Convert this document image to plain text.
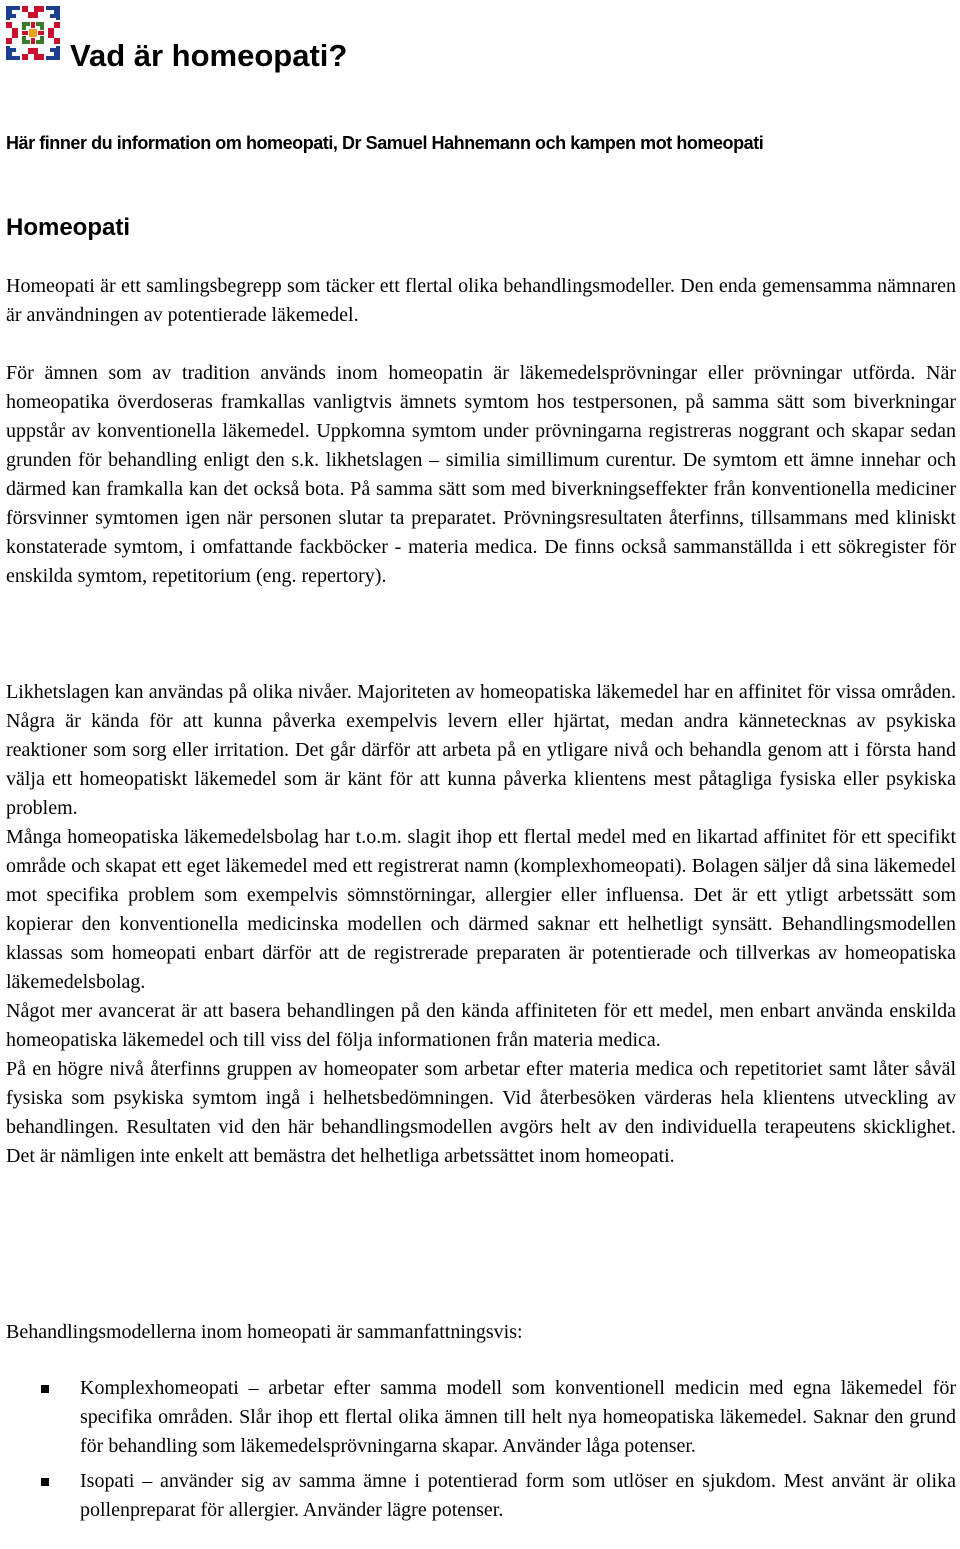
Vad är homeopati?

Här finner du information om homeopati, Dr Samuel Hahnemann och kampen mot homeopati

Homeopati

Homeopati är ett samlingsbegrepp som täcker ett flertal olika behandlingsmodeller. Den enda gemensamma nämnaren är användningen av potentierade läkemedel.

För ämnen som av tradition används inom homeopatin är läkemedelsprövningar eller prövningar utförda. När homeopatika överdoseras framkallas vanligtvis ämnets symtom hos testpersonen, på samma sätt som biverkningar uppstår av konventionella läkemedel. Uppkomna symtom under prövningarna registreras noggrant och skapar sedan grunden för behandling enligt den s.k. likhetslagen – similia simillimum curentur. De symtom ett ämne innehar och därmed kan framkalla kan det också bota. På samma sätt som med biverkningseffekter från konventionella mediciner försvinner symtomen igen när personen slutar ta preparatet. Prövningsresultaten återfinns, tillsammans med kliniskt konstaterade symtom, i omfattande fackböcker - materia medica. De finns också sammanställda i ett sökregister för enskilda symtom, repetitorium (eng. repertory).

Likhetslagen kan användas på olika nivåer. Majoriteten av homeopatiska läkemedel har en affinitet för vissa områden. Några är kända för att kunna påverka exempelvis levern eller hjärtat, medan andra kännetecknas av psykiska reaktioner som sorg eller irritation. Det går därför att arbeta på en ytligare nivå och behandla genom att i första hand välja ett homeopatiskt läkemedel som är känt för att kunna påverka klientens mest påtagliga fysiska eller psykiska problem.
Många homeopatiska läkemedelsbolag har t.o.m. slagit ihop ett flertal medel med en likartad affinitet för ett specifikt område och skapat ett eget läkemedel med ett registrerat namn (komplexhomeopati). Bolagen säljer då sina läkemedel mot specifika problem som exempelvis sömnstörningar, allergier eller influensa. Det är ett ytligt arbetssätt som kopierar den konventionella medicinska modellen och därmed saknar ett helhetligt synsätt. Behandlingsmodellen klassas som homeopati enbart därför att de registrerade preparaten är potentierade och tillverkas av homeopatiska läkemedelsbolag.
Något mer avancerat är att basera behandlingen på den kända affiniteten för ett medel, men enbart använda enskilda homeopatiska läkemedel och till viss del följa informationen från materia medica.
På en högre nivå återfinns gruppen av homeopater som arbetar efter materia medica och repetitoriet samt låter såväl fysiska som psykiska symtom ingå i helhetsbedömningen. Vid återbesöken värderas hela klientens utveckling av behandlingen. Resultaten vid den här behandlingsmodellen avgörs helt av den individuella terapeutens skicklighet. Det är nämligen inte enkelt att bemästra det helhetliga arbetssättet inom homeopati.

Behandlingsmodellerna inom homeopati är sammanfattningsvis:

Komplexhomeopati – arbetar efter samma modell som konventionell medicin med egna läkemedel för specifika områden. Slår ihop ett flertal olika ämnen till helt nya homeopatiska läkemedel. Saknar den grund för behandling som läkemedelsprövningarna skapar. Använder låga potenser.
Isopati – använder sig av samma ämne i potentierad form som utlöser en sjukdom. Mest använt är olika pollenpreparat för allergier. Använder lägre potenser.
